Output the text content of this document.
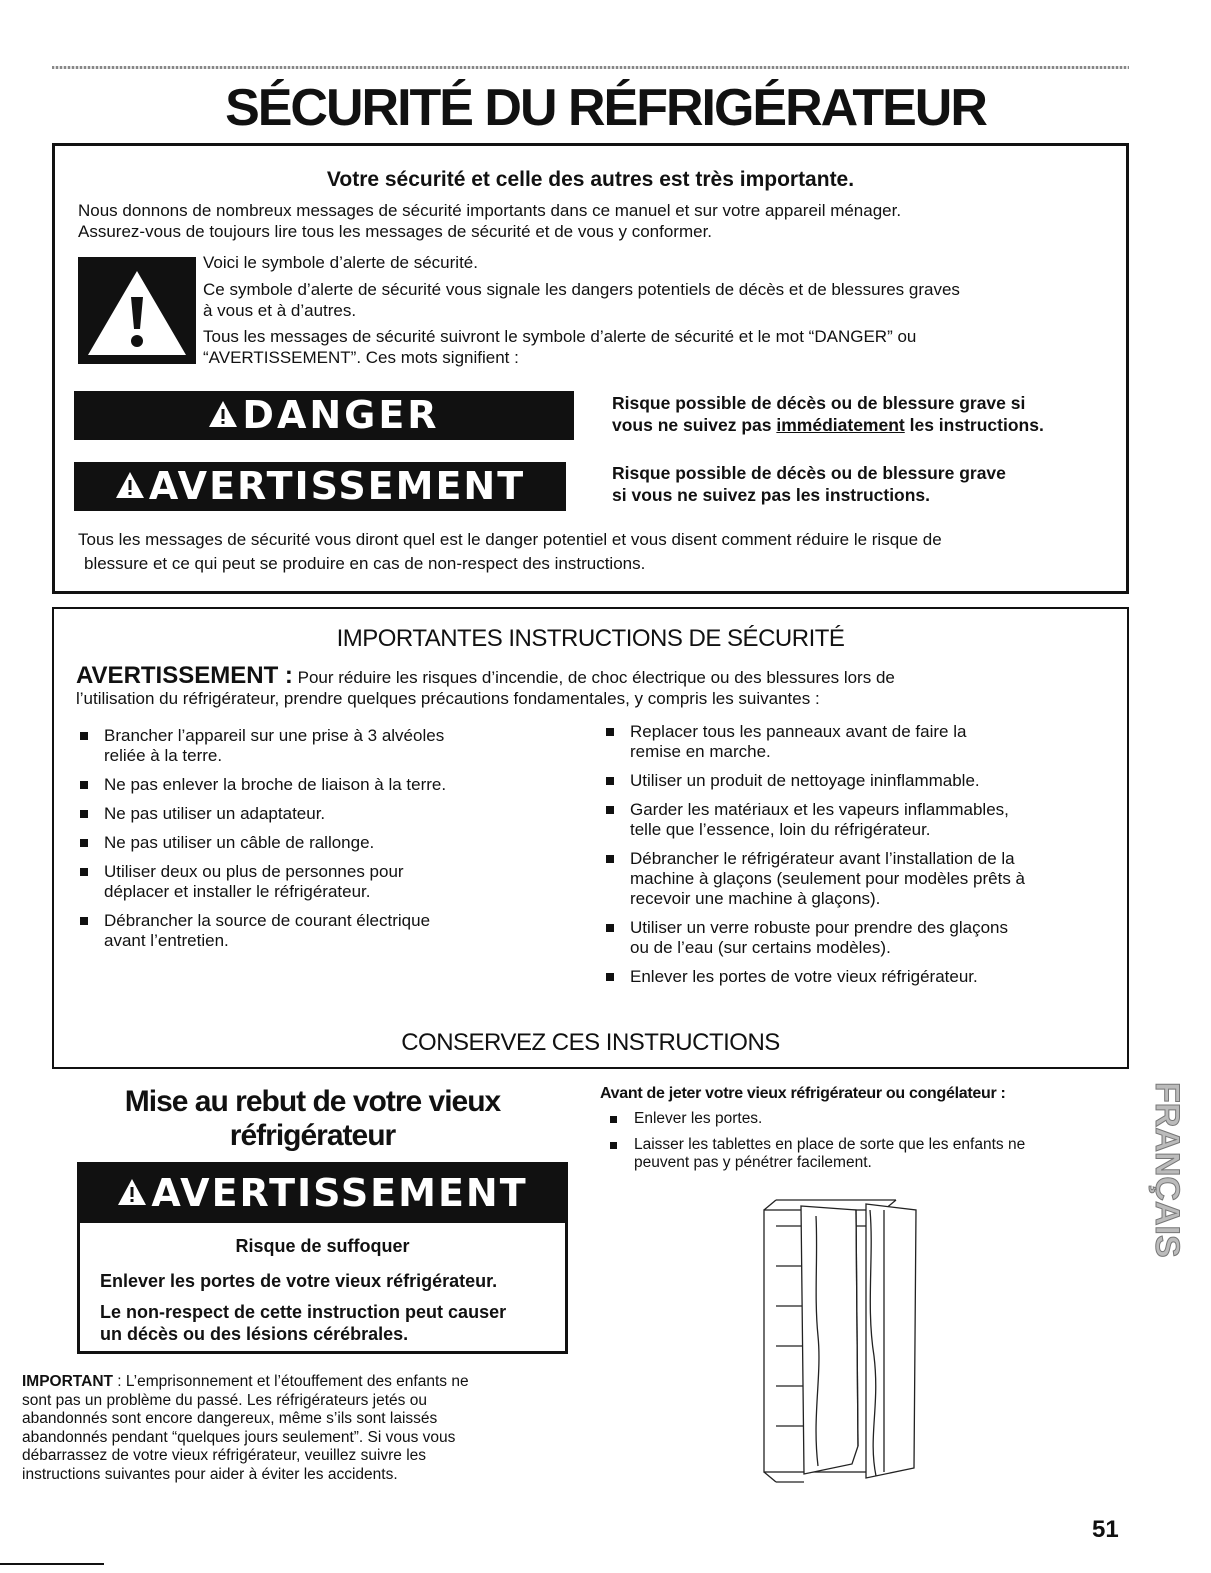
SÉCURITÉ DU RÉFRIGÉRATEUR
Votre sécurité et celle des autres est très importante.
Nous donnons de nombreux messages de sécurité importants dans ce manuel et sur votre appareil ménager.
Assurez-vous de toujours lire tous les messages de sécurité et de vous y conformer.
Voici le symbole d’alerte de sécurité.
Ce symbole d’alerte de sécurité vous signale les dangers potentiels de décès et de blessures graves
à vous et à d’autres.
Tous les messages de sécurité suivront le symbole d’alerte de sécurité et le mot “DANGER” ou
“AVERTISSEMENT”. Ces mots signifient :
DANGER	Risque possible de décès ou de blessure grave si
vous ne suivez pas immédiatement les instructions.
AVERTISSEMENT	Risque possible de décès ou de blessure grave
si vous ne suivez pas les instructions.
Tous les messages de sécurité vous diront quel est le danger potentiel et vous disent comment réduire le risque de
blessure et ce qui peut se produire en cas de non-respect des instructions.
IMPORTANTES INSTRUCTIONS DE SÉCURITÉ
AVERTISSEMENT : Pour réduire les risques d’incendie, de choc électrique ou des blessures lors de
l’utilisation du réfrigérateur, prendre quelques précautions fondamentales, y compris les suivantes :
Brancher l’appareil sur une prise à 3 alvéoles
reliée à la terre.
Ne pas enlever la broche de liaison à la terre.
Ne pas utiliser un adaptateur.
Ne pas utiliser un câble de rallonge.
Utiliser deux ou plus de personnes pour
déplacer et installer le réfrigérateur.
Débrancher la source de courant électrique
avant l’entretien.
Replacer tous les panneaux avant de faire la
remise en marche.
Utiliser un produit de nettoyage ininflammable.
Garder les matériaux et les vapeurs inflammables,
telle que l’essence, loin du réfrigérateur.
Débrancher le réfrigérateur avant l’installation de la
machine à glaçons (seulement pour modèles prêts à
recevoir une machine à glaçons).
Utiliser un verre robuste pour prendre des glaçons
ou de l’eau (sur certains modèles).
Enlever les portes de votre vieux réfrigérateur.
CONSERVEZ CES INSTRUCTIONS
Mise au rebut de votre vieux
réfrigérateur
AVERTISSEMENT
Risque de suffoquer
Enlever les portes de votre vieux réfrigérateur.
Le non-respect de cette instruction peut causer
un décès ou des lésions cérébrales.
IMPORTANT : L’emprisonnement et l’étouffement des enfants ne
sont pas un problème du passé. Les réfrigérateurs jetés ou
abandonnés sont encore dangereux, même s’ils sont laissés
abandonnés pendant “quelques jours seulement”. Si vous vous
débarrassez de votre vieux réfrigérateur, veuillez suivre les
instructions suivantes pour aider à éviter les accidents.
Avant de jeter votre vieux réfrigérateur ou congélateur :
Enlever les portes.
Laisser les tablettes en place de sorte que les enfants ne
peuvent pas y pénétrer facilement.	FRANÇAIS
51
